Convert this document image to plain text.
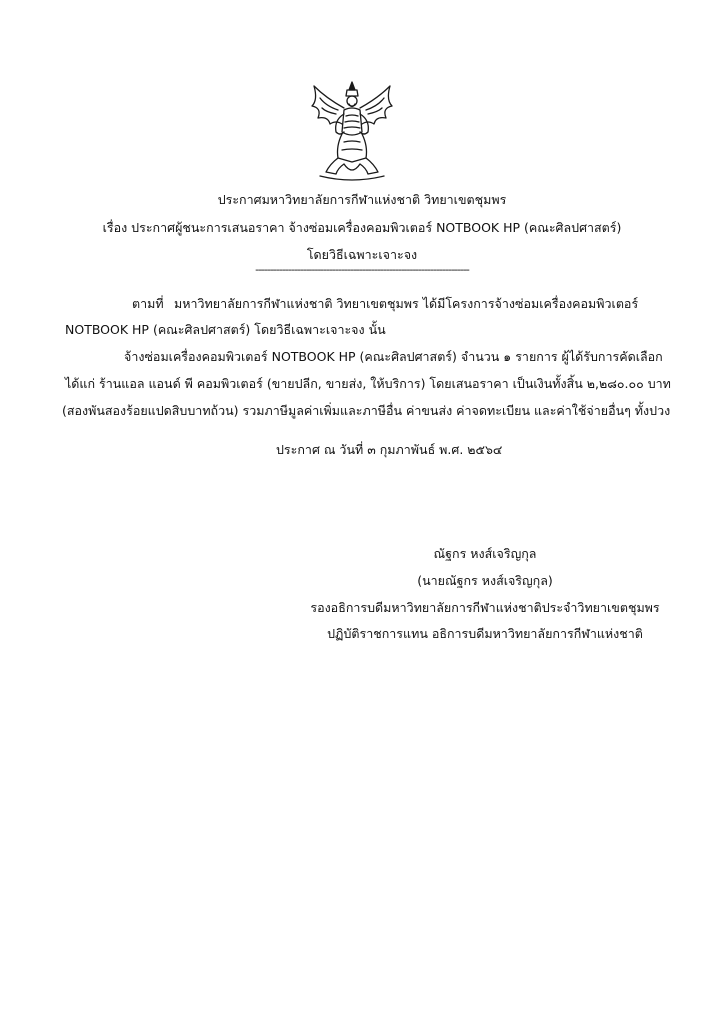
ประกาศมหาวิทยาลัยการกีฬาแห่งชาติ วิทยาเขตชุมพร
เรื่อง ประกาศผู้ชนะการเสนอราคา จ้างซ่อมเครื่องคอมพิวเตอร์ NOTBOOK HP (คณะศิลปศาสตร์)
โดยวิธีเฉพาะเจาะจง
------------------------------------------------------------------------
ตามที่ มหาวิทยาลัยการกีฬาแห่งชาติ วิทยาเขตชุมพร ได้มีโครงการจ้างซ่อมเครื่องคอมพิวเตอร์
NOTBOOK HP (คณะศิลปศาสตร์) โดยวิธีเฉพาะเจาะจง นั้น
จ้างซ่อมเครื่องคอมพิวเตอร์ NOTBOOK HP (คณะศิลปศาสตร์) จำนวน ๑ รายการ ผู้ได้รับการคัดเลือก
ได้แก่ ร้านแอล แอนด์ พี คอมพิวเตอร์ (ขายปลีก, ขายส่ง, ให้บริการ) โดยเสนอราคา เป็นเงินทั้งสิ้น ๒,๒๘๐.๐๐ บาท
(สองพันสองร้อยแปดสิบบาทถ้วน) รวมภาษีมูลค่าเพิ่มและภาษีอื่น ค่าขนส่ง ค่าจดทะเบียน และค่าใช้จ่ายอื่นๆ ทั้งปวง
ประกาศ ณ วันที่ ๓ กุมภาพันธ์ พ.ศ. ๒๕๖๔
ณัฐกร หงส์เจริญกุล
(นายณัฐกร หงส์เจริญกุล)
รองอธิการบดีมหาวิทยาลัยการกีฬาแห่งชาติประจำวิทยาเขตชุมพร
ปฏิบัติราชการแทน อธิการบดีมหาวิทยาลัยการกีฬาแห่งชาติ
